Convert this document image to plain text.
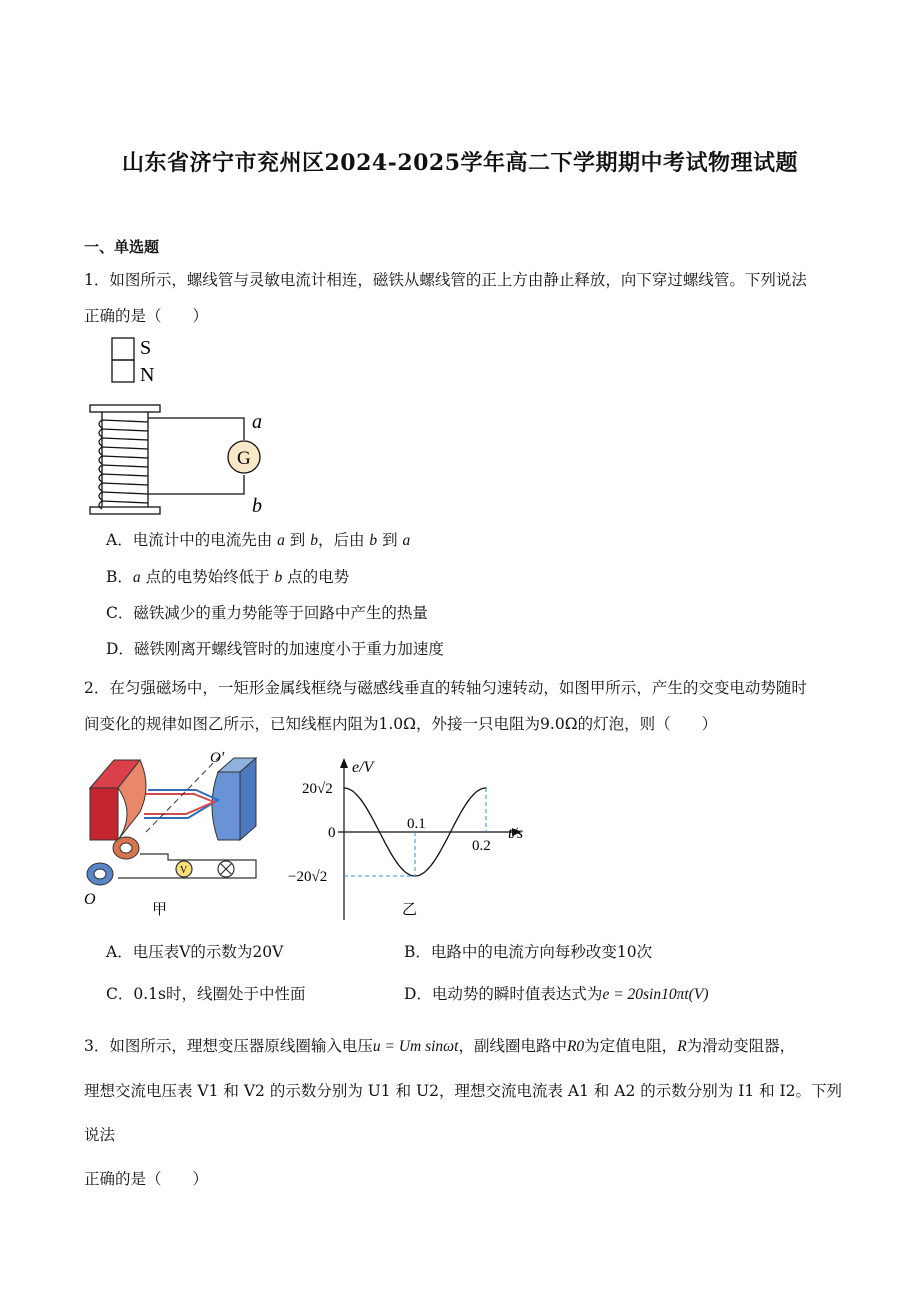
山东省济宁市兖州区2024-2025学年高二下学期期中考试物理试题
一、单选题
1．如图所示，螺线管与灵敏电流计相连，磁铁从螺线管的正上方由静止释放，向下穿过螺线管。下列说法
正确的是（　　）
S
N
G
a
b
A．电流计中的电流先由 a 到 b，后由 b 到 a
B．a 点的电势始终低于 b 点的电势
C．磁铁减少的重力势能等于回路中产生的热量
D．磁铁刚离开螺线管时的加速度小于重力加速度
2．在匀强磁场中，一矩形金属线框绕与磁感线垂直的转轴匀速转动，如图甲所示，产生的交变电动势随时
间变化的规律如图乙所示，已知线框内阻为1.0Ω，外接一只电阻为9.0Ω的灯泡，则（　　）
O′
V
O
甲
e/V
t/s
20√2
0
−20√2
0.1
0.2
乙
A．电压表V的示数为20V	B．电路中的电流方向每秒改变10次
C．0.1s时，线圈处于中性面	D．电动势的瞬时值表达式为e = 20sin10πt(V)
3．如图所示，理想变压器原线圈输入电压u = Um sinωt，副线圈电路中R0为定值电阻，R为滑动变阻器，
理想交流电压表 V1 和 V2 的示数分别为 U1 和 U2，理想交流电流表 A1 和 A2 的示数分别为 I1 和 I2。下列说法
正确的是（　　）
